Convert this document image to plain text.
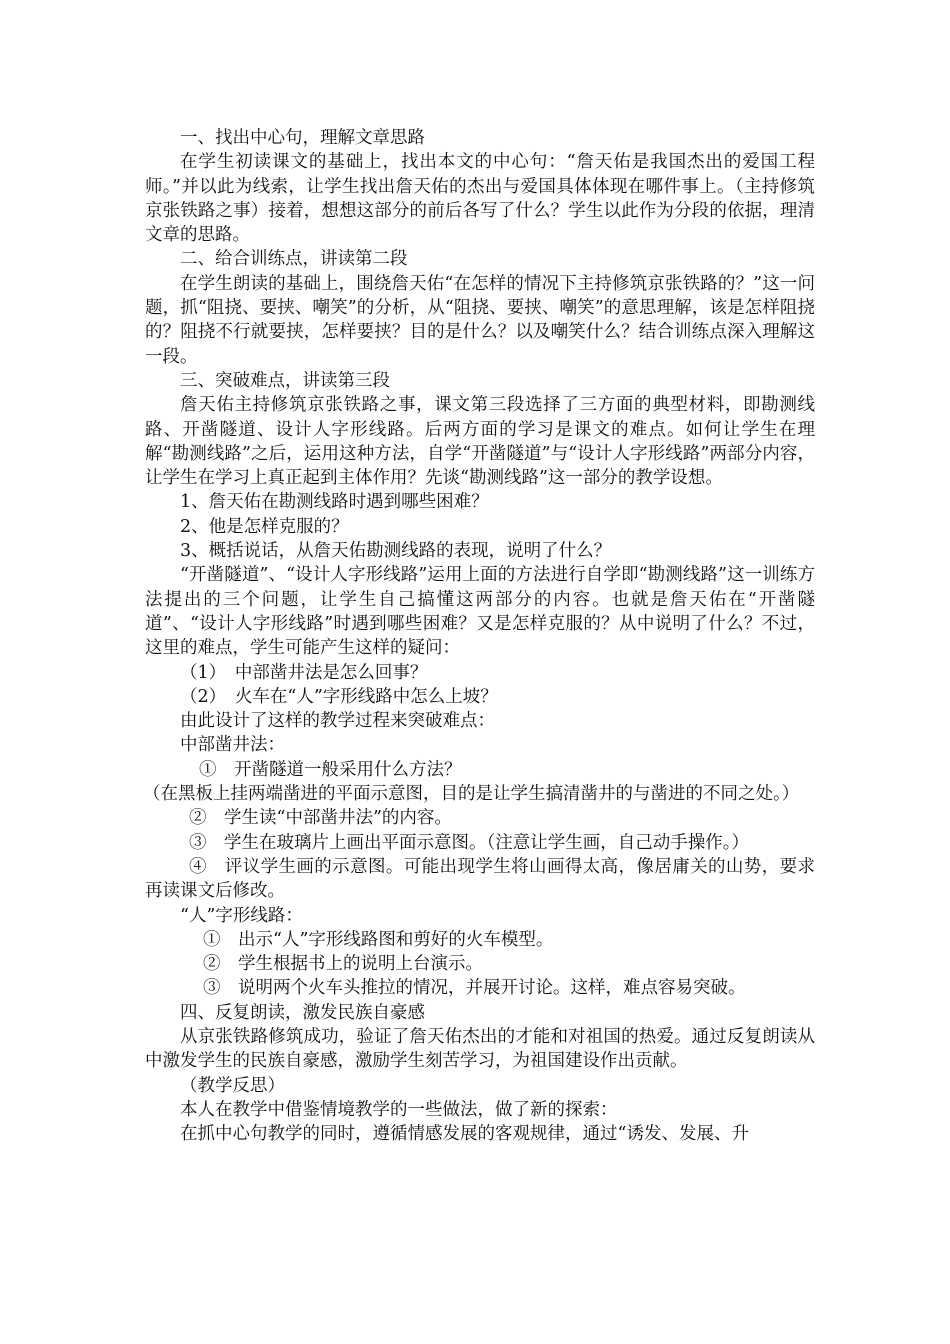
一、找出中心句，理解文章思路

在学生初读课文的基础上，找出本文的中心句：“詹天佑是我国杰出的爱国工程师。”并以此为线索，让学生找出詹天佑的杰出与爱国具体体现在哪件事上。（主持修筑京张铁路之事）接着，想想这部分的前后各写了什么？学生以此作为分段的依据，理清文章的思路。

二、给合训练点，讲读第二段

在学生朗读的基础上，围绕詹天佑“在怎样的情况下主持修筑京张铁路的？”这一问题，抓“阻挠、要挟、嘲笑”的分析，从“阻挠、要挟、嘲笑”的意思理解，该是怎样阻挠的？阻挠不行就要挟，怎样要挟？目的是什么？以及嘲笑什么？结合训练点深入理解这一段。

三、突破难点，讲读第三段

詹天佑主持修筑京张铁路之事，课文第三段选择了三方面的典型材料，即勘测线路、开凿隧道、设计人字形线路。后两方面的学习是课文的难点。如何让学生在理解“勘测线路”之后，运用这种方法，自学“开凿隧道”与“设计人字形线路”两部分内容，让学生在学习上真正起到主体作用？先谈“勘测线路”这一部分的教学设想。

1、詹天佑在勘测线路时遇到哪些困难？

2、他是怎样克服的？

3、概括说话，从詹天佑勘测线路的表现，说明了什么？

“开凿隧道”、“设计人字形线路”运用上面的方法进行自学即“勘测线路”这一训练方法提出的三个问题，让学生自己搞懂这两部分的内容。也就是詹天佑在“开凿隧道”、“设计人字形线路”时遇到哪些困难？又是怎样克服的？从中说明了什么？不过，这里的难点，学生可能产生这样的疑问：

（1）　中部凿井法是怎么回事？

（2）　火车在“人”字形线路中怎么上坡？

由此设计了这样的教学过程来突破难点：

中部凿井法：

①　开凿隧道一般采用什么方法？

（在黑板上挂两端凿进的平面示意图，目的是让学生搞清凿井的与凿进的不同之处。）

②　学生读“中部凿井法”的内容。

③　学生在玻璃片上画出平面示意图。（注意让学生画，自己动手操作。）

④　评议学生画的示意图。可能出现学生将山画得太高，像居庸关的山势，要求再读课文后修改。

“人”字形线路：

①　出示“人”字形线路图和剪好的火车模型。

②　学生根据书上的说明上台演示。

③　说明两个火车头推拉的情况，并展开讨论。这样，难点容易突破。

四、反复朗读，激发民族自豪感

从京张铁路修筑成功，验证了詹天佑杰出的才能和对祖国的热爱。通过反复朗读从中激发学生的民族自豪感，激励学生刻苦学习，为祖国建设作出贡献。

（教学反思）

本人在教学中借鉴情境教学的一些做法，做了新的探索：

在抓中心句教学的同时，遵循情感发展的客观规律，通过“诱发、发展、升
